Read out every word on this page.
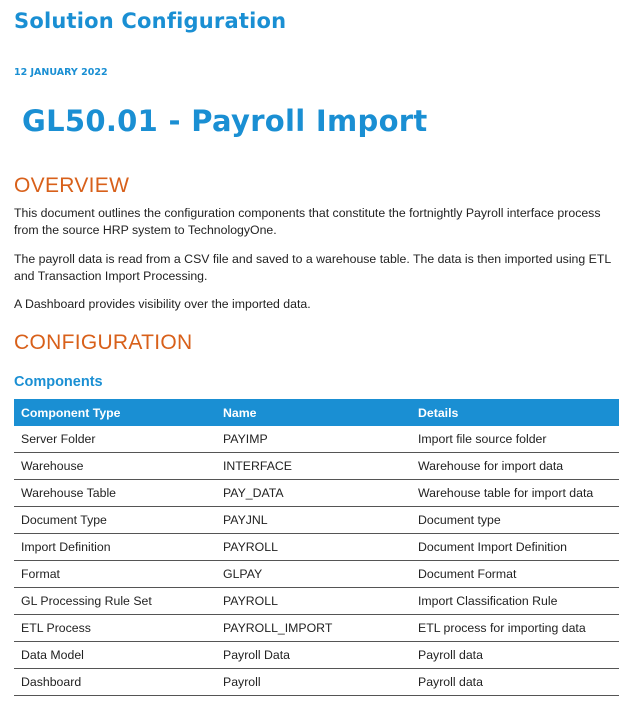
Solution Configuration
12 JANUARY 2022
GL50.01 - Payroll Import
OVERVIEW

This document outlines the configuration components that constitute the fortnightly Payroll interface process from the source HRP system to TechnologyOne.

The payroll data is read from a CSV file and saved to a warehouse table. The data is then imported using ETL and Transaction Import Processing.

A Dashboard provides visibility over the imported data.

CONFIGURATION
Components
Component Type	Name	Details
Server Folder	PAYIMP	Import file source folder
Warehouse	INTERFACE	Warehouse for import data
Warehouse Table	PAY_DATA	Warehouse table for import data
Document Type	PAYJNL	Document type
Import Definition	PAYROLL	Document Import Definition
Format	GLPAY	Document Format
GL Processing Rule Set	PAYROLL	Import Classification Rule
ETL Process	PAYROLL_IMPORT	ETL process for importing data
Data Model	Payroll Data	Payroll data
Dashboard	Payroll	Payroll data
